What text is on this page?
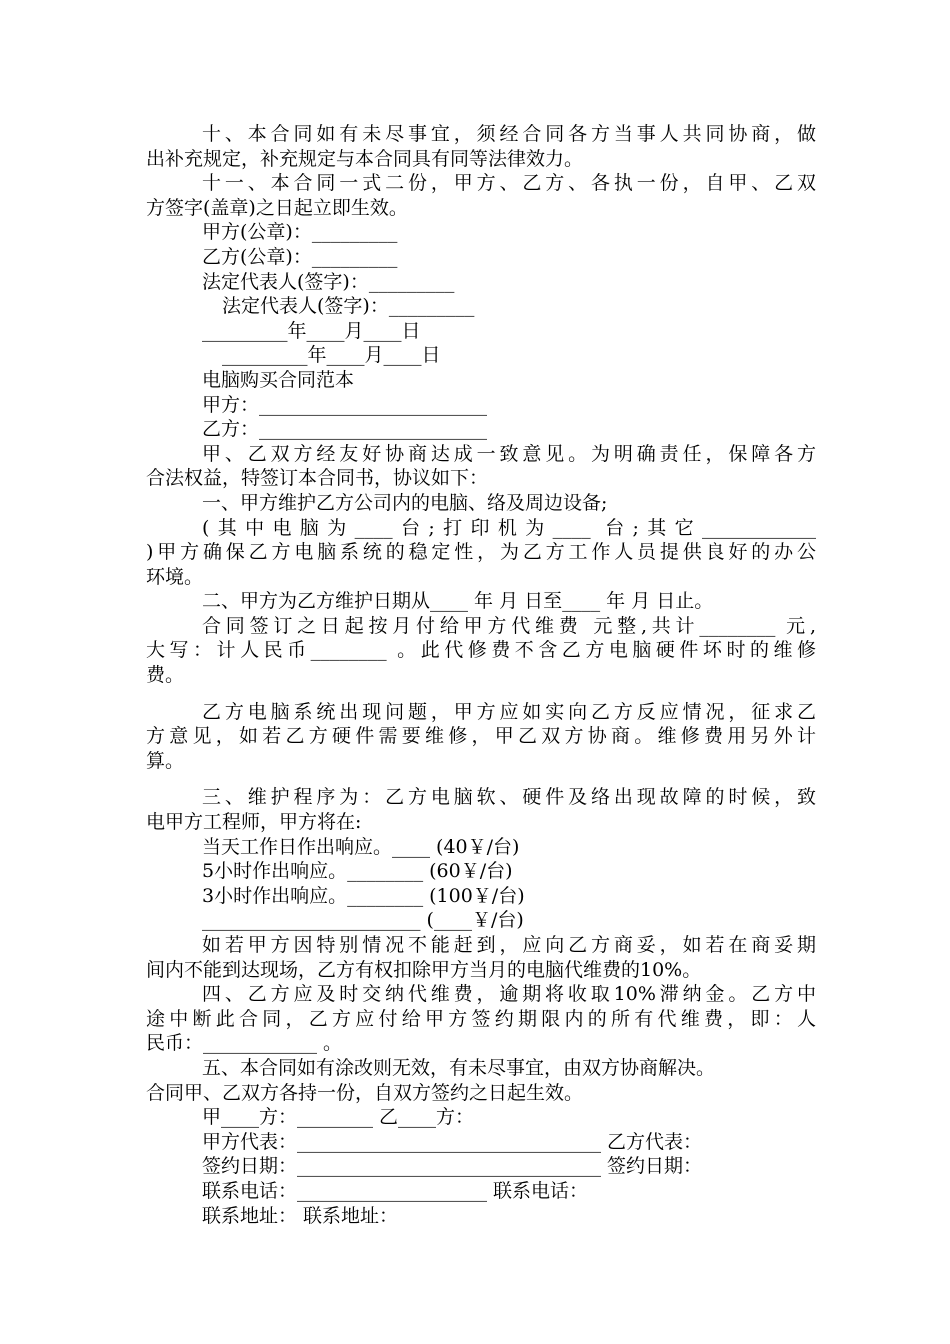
十、本合同如有未尽事宜，须经合同各方当事人共同协商，做

出补充规定，补充规定与本合同具有同等法律效力。

十一、本合同一式二份，甲方、乙方、各执一份，自甲、乙双

方签字(盖章)之日起立即生效。

甲方(公章)：_________

乙方(公章)：_________

法定代表人(签字)：_________

法定代表人(签字)：_________

_________年____月____日

_________年____月____日

电脑购买合同范本

甲方：________________________

乙方：________________________

甲、乙双方经友好协商达成一致意见。为明确责任，保障各方

合法权益，特签订本合同书，协议如下：

一、甲方维护乙方公司内的电脑、络及周边设备;

(其中电脑为____台;打印机为____ 台;其它____________

)甲方确保乙方电脑系统的稳定性，为乙方工作人员提供良好的办公

环境。

二、甲方为乙方维护日期从____ 年 月 日至____ 年 月 日止。

合同签订之日起按月付给甲方代维费 元整,共计________ 元,

大写：计人民币________ 。此代修费不含乙方电脑硬件坏时的维修

费。

乙方电脑系统出现问题，甲方应如实向乙方反应情况，征求乙

方意见，如若乙方硬件需要维修，甲乙双方协商。维修费用另外计

算。

三、维护程序为：乙方电脑软、硬件及络出现故障的时候，致

电甲方工程师，甲方将在:

当天工作日作出响应。____ (40￥/台)

5小时作出响应。________ (60￥/台)

3小时作出响应。________ (100￥/台)

_______________________ (____￥/台)

如若甲方因特别情况不能赶到，应向乙方商妥，如若在商妥期

间内不能到达现场，乙方有权扣除甲方当月的电脑代维费的10%。

四、乙方应及时交纳代维费，逾期将收取10%滞纳金。乙方中

途中断此合同，乙方应付给甲方签约期限内的所有代维费，即：人

民币：____________ 。

五、本合同如有涂改则无效，有未尽事宜，由双方协商解决。

合同甲、乙双方各持一份，自双方签约之日起生效。

甲____方：________ 乙____方：

甲方代表：________________________________ 乙方代表：

签约日期：________________________________ 签约日期：

联系电话：____________________ 联系电话：

联系地址： 联系地址：
